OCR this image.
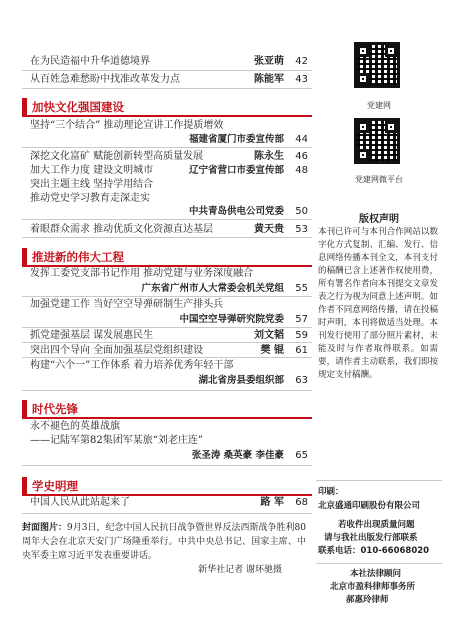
在为民造福中升华道德境界	张亚萌 42
从百姓急难愁盼中找准改革发力点	陈能军 43
加快文化强国建设
坚持“三个结合” 推动理论宣讲工作提质增效
福建省厦门市委宣传部 44
深挖文化富矿 赋能创新转型高质量发展	陈永生 46
加大工作力度 建设文明城市	辽宁省营口市委宣传部 48
突出主题主线 坚持学用结合
推动党史学习教育走深走实
中共青岛供电公司党委 50
着眼群众需求 推动优质文化资源直达基层	黄天贵 53
推进新的伟大工程
发挥工委党支部书记作用 推动党建与业务深度融合
广东省广州市人大常委会机关党组 55
加强党建工作 当好空空导弹研制生产排头兵
中国空空导弹研究院党委 57
抓党建强基层 谋发展惠民生	刘文韬 59
突出四个导向 全面加强基层党组织建设	樊 锟 61
构建“六个一”工作体系 着力培养优秀年轻干部
湖北省房县委组织部 63
时代先锋
永不褪色的英雄战旗
——记陆军第82集团军某旅“刘老庄连”
张圣涛 桑英豪 李佳豪 65
学史明理
中国人民从此站起来了	路 军 68
封面图片：9月3日，纪念中国人民抗日战争暨世界反法西斯战争胜利80周年大会在北京天安门广场隆重举行。中共中央总书记、国家主席、中央军委主席习近平发表重要讲话。
新华社记者 谢环驰摄
党建网
党建网微平台
版权声明
本刊已许可与本刊合作网站以数字化方式复制、汇编、发行、信息网络传播本刊全文，本刊支付的稿酬已含上述著作权使用费，所有署名作者向本刊提交文章发表之行为视为同意上述声明。如作者不同意网络传播，请在投稿时声明，本刊将做适当处理。本刊发行使用了部分照片素材，未能及时与作者取得联系。如需要，请作者主动联系，我们即按规定支付稿酬。
印刷：
北京盛通印刷股份有限公司
若收件出现质量问题
请与我社出版发行部联系
联系电话：010-66068020
本社法律顾问
北京市盈科律师事务所
郝惠玲律师
